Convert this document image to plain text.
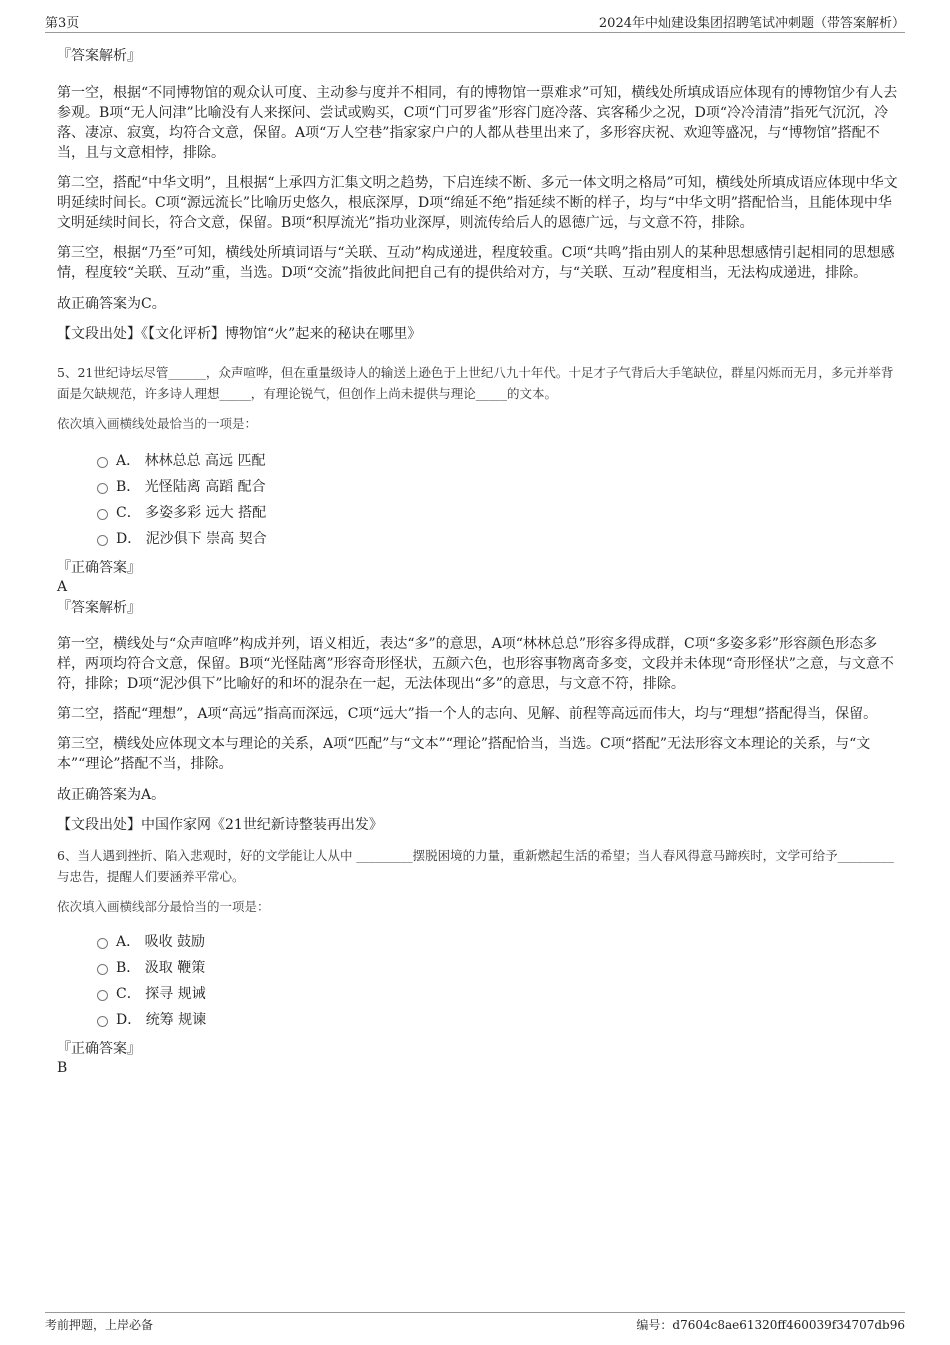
第3页	2024年中灿建设集团招聘笔试冲刺题（带答案解析）
『答案解析』

第一空，根据“不同博物馆的观众认可度、主动参与度并不相同，有的博物馆一票难求”可知，横线处所填成语应体现有的博物馆少有人去参观。B项“无人问津”比喻没有人来探问、尝试或购买，C项“门可罗雀”形容门庭冷落、宾客稀少之况，D项“冷冷清清”指死气沉沉，冷落、凄凉、寂寞，均符合文意，保留。A项“万人空巷”指家家户户的人都从巷里出来了，多形容庆祝、欢迎等盛况，与“博物馆”搭配不当，且与文意相悖，排除。

第二空，搭配“中华文明”，且根据“上承四方汇集文明之趋势，下启连续不断、多元一体文明之格局”可知，横线处所填成语应体现中华文明延续时间长。C项“源远流长”比喻历史悠久，根底深厚，D项“绵延不绝”指延续不断的样子，均与“中华文明”搭配恰当，且能体现中华文明延续时间长，符合文意，保留。B项“积厚流光”指功业深厚，则流传给后人的恩德广远，与文意不符，排除。

第三空，根据“乃至”可知，横线处所填词语与“关联、互动”构成递进，程度较重。C项“共鸣”指由别人的某种思想感情引起相同的思想感情，程度较“关联、互动”重，当选。D项“交流”指彼此间把自己有的提供给对方，与“关联、互动”程度相当，无法构成递进，排除。

故正确答案为C。

【文段出处】《【文化评析】博物馆“火”起来的秘诀在哪里》

5、21世纪诗坛尽管______，众声喧哗，但在重量级诗人的输送上逊色于上世纪八九十年代。十足才子气背后大手笔缺位，群星闪烁而无月，多元并举背面是欠缺规范，许多诗人理想_____，有理论锐气，但创作上尚未提供与理论_____的文本。

依次填入画横线处最恰当的一项是：

A． 林林总总 高远 匹配
B． 光怪陆离 高蹈 配合
C． 多姿多彩 远大 搭配
D． 泥沙俱下 崇高 契合
『正确答案』
A
『答案解析』

第一空，横线处与“众声喧哗”构成并列，语义相近，表达“多”的意思，A项“林林总总”形容多得成群，C项“多姿多彩”形容颜色形态多样，两项均符合文意，保留。B项“光怪陆离”形容奇形怪状，五颜六色，也形容事物离奇多变，文段并未体现“奇形怪状”之意，与文意不符，排除；D项“泥沙俱下”比喻好的和坏的混杂在一起，无法体现出“多”的意思，与文意不符，排除。

第二空，搭配“理想”，A项“高远”指高而深远，C项“远大”指一个人的志向、见解、前程等高远而伟大，均与“理想”搭配得当，保留。

第三空，横线处应体现文本与理论的关系，A项“匹配”与“文本”“理论”搭配恰当，当选。C项“搭配”无法形容文本理论的关系，与“文本”“理论”搭配不当，排除。

故正确答案为A。

【文段出处】中国作家网《21世纪新诗整装再出发》

6、当人遇到挫折、陷入悲观时，好的文学能让人从中 _________摆脱困境的力量，重新燃起生活的希望；当人春风得意马蹄疾时，文学可给予_________与忠告，提醒人们要涵养平常心。

依次填入画横线部分最恰当的一项是：

A． 吸收 鼓励
B． 汲取 鞭策
C． 探寻 规诫
D． 统筹 规谏
『正确答案』
B
考前押题，上岸必备	编号：d7604c8ae61320ff460039f34707db96
